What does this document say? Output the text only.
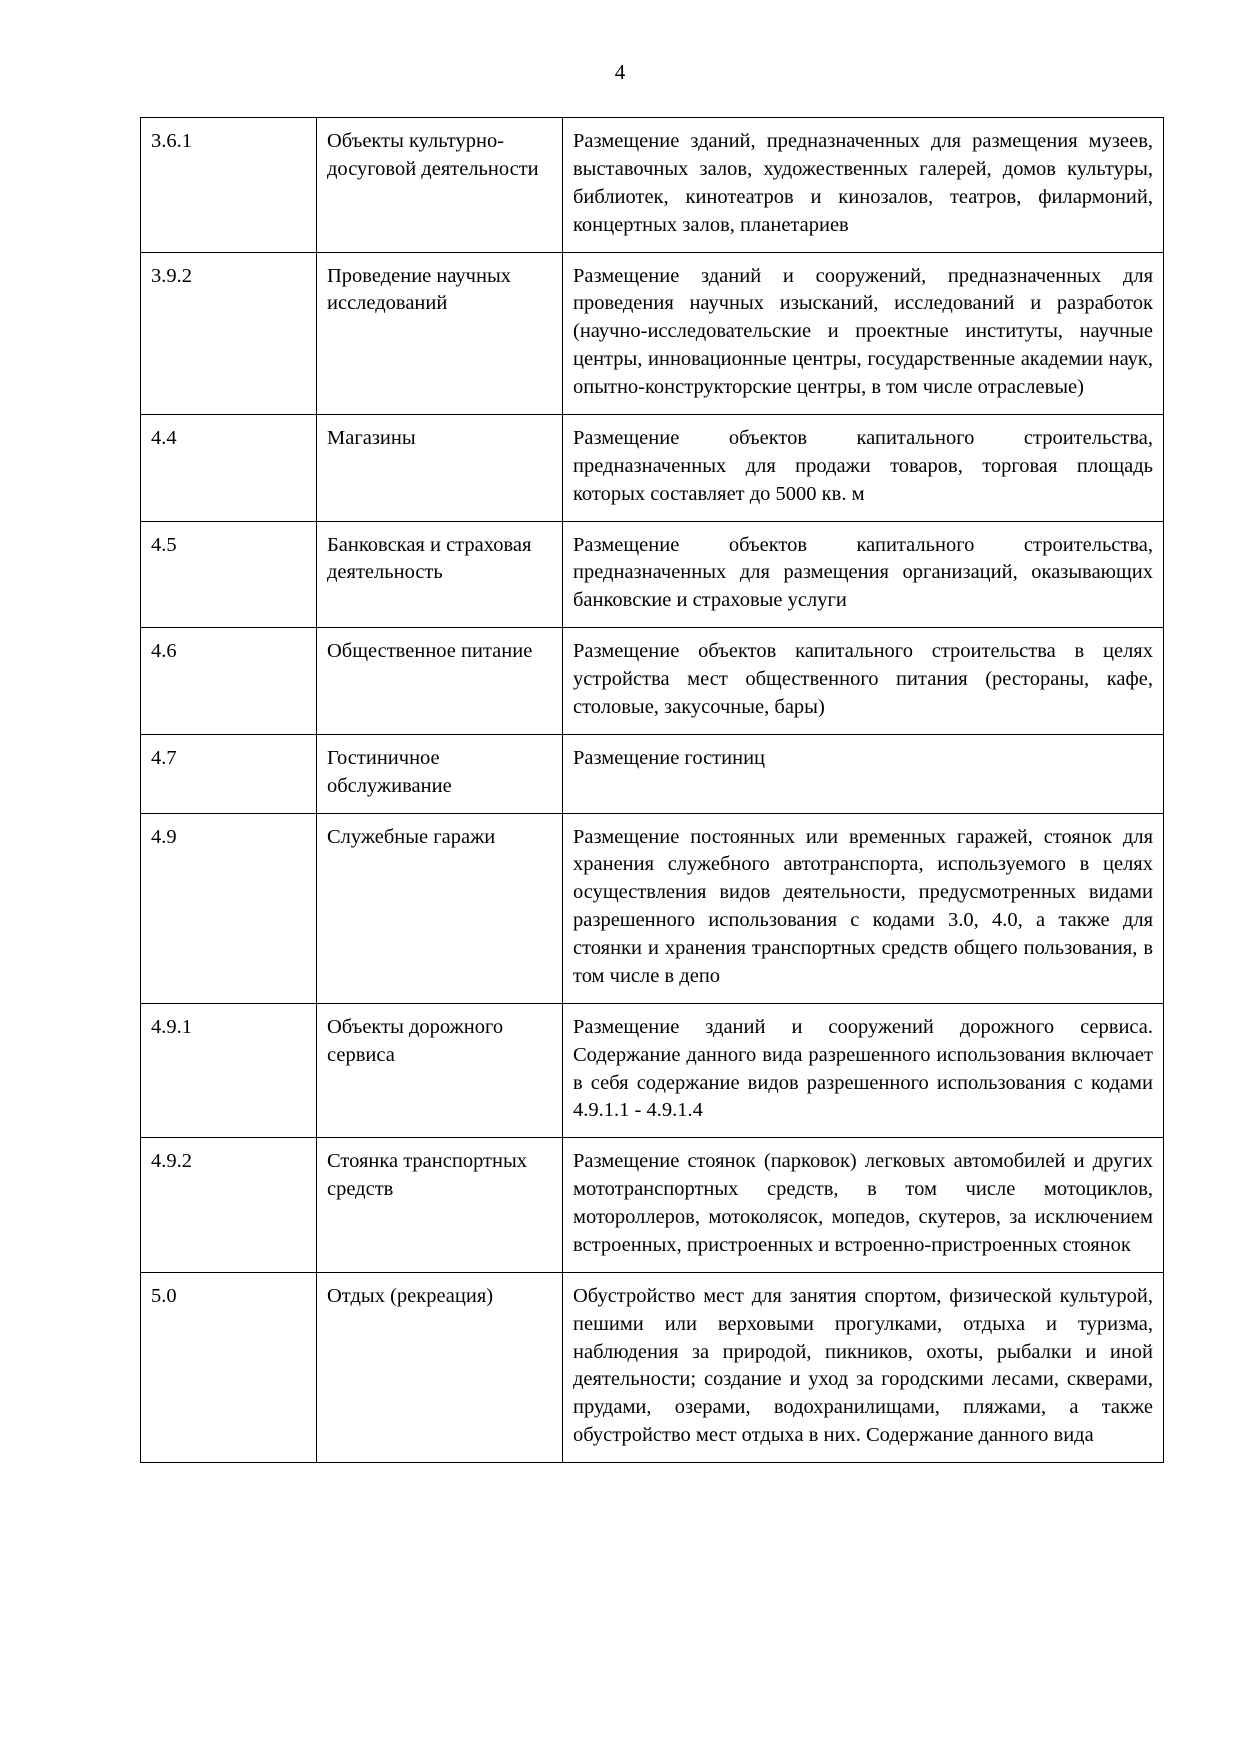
4
3.6.1	Объекты культурно-досуговой деятельности	Размещение зданий, предназначенных для размещения музеев, выставочных залов, художественных галерей, домов культуры, библиотек, кинотеатров и кинозалов, театров, филармоний, концертных залов, планетариев
3.9.2	Проведение научных исследований	Размещение зданий и сооружений, предназначенных для проведения научных изысканий, исследований и разработок (научно-исследовательские и проектные институты, научные центры, инновационные центры, государственные академии наук, опытно-конструкторские центры, в том числе отраслевые)
4.4	Магазины	Размещение объектов капитального строительства, предназначенных для продажи товаров, торговая площадь которых составляет до 5000 кв. м
4.5	Банковская и страховая деятельность	Размещение объектов капитального строительства, предназначенных для размещения организаций, оказывающих банковские и страховые услуги
4.6	Общественное питание	Размещение объектов капитального строительства в целях устройства мест общественного питания (рестораны, кафе, столовые, закусочные, бары)
4.7	Гостиничное обслуживание	Размещение гостиниц
4.9	Служебные гаражи	Размещение постоянных или временных гаражей, стоянок для хранения служебного автотранспорта, используемого в целях осуществления видов деятельности, предусмотренных видами разрешенного использования с кодами 3.0, 4.0, а также для стоянки и хранения транспортных средств общего пользования, в том числе в депо
4.9.1	Объекты дорожного сервиса	Размещение зданий и сооружений дорожного сервиса. Содержание данного вида разрешенного использования включает в себя содержание видов разрешенного использования с кодами 4.9.1.1 - 4.9.1.4
4.9.2	Стоянка транспортных средств	Размещение стоянок (парковок) легковых автомобилей и других мототранспортных средств, в том числе мотоциклов, мотороллеров, мотоколясок, мопедов, скутеров, за исключением встроенных, пристроенных и встроенно-пристроенных стоянок
5.0	Отдых (рекреация)	Обустройство мест для занятия спортом, физической культурой, пешими или верховыми прогулками, отдыха и туризма, наблюдения за природой, пикников, охоты, рыбалки и иной деятельности; создание и уход за городскими лесами, скверами, прудами, озерами, водохранилищами, пляжами, а также обустройство мест отдыха в них. Содержание данного вида
